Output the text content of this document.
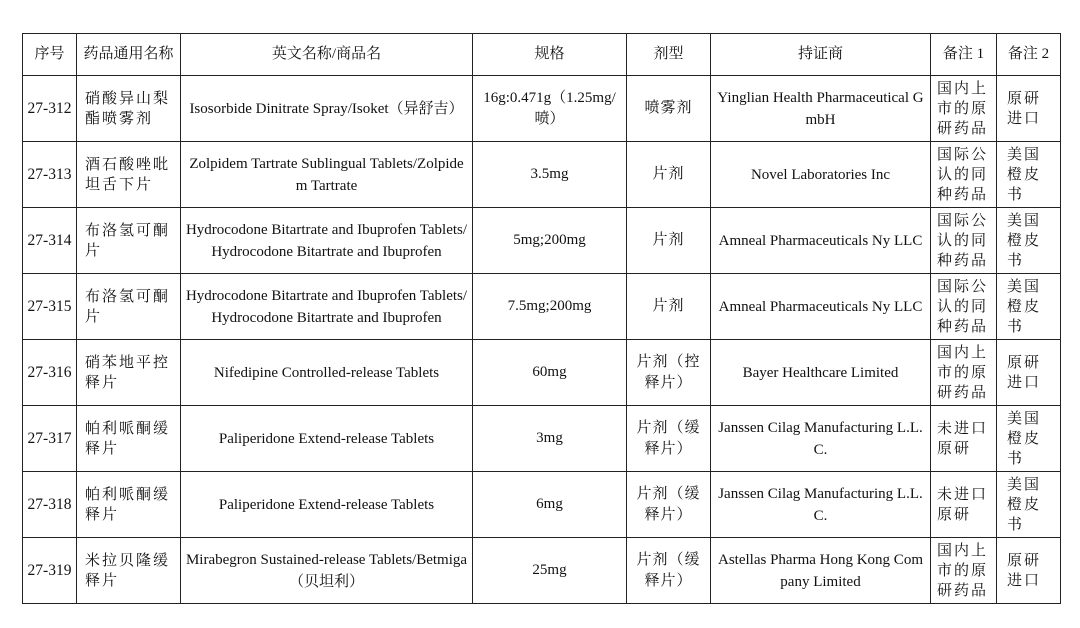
序号	药品通用名称	英文名称/商品名	规格	剂型	持证商	备注 1	备注 2
27-312	硝酸异山梨酯喷雾剂	Isosorbide Dinitrate Spray/Isoket（异舒吉）	16g:0.471g（1.25mg/喷）	喷雾剂	Yinglian Health Pharmaceutical GmbH	国内上市的原研药品	原研进口
27-313	酒石酸唑吡坦舌下片	Zolpidem Tartrate Sublingual Tablets/Zolpidem Tartrate	3.5mg	片剂	Novel Laboratories Inc	国际公认的同种药品	美国橙皮书
27-314	布洛氢可酮片	Hydrocodone Bitartrate and Ibuprofen Tablets/Hydrocodone Bitartrate and Ibuprofen	5mg;200mg	片剂	Amneal Pharmaceuticals Ny LLC	国际公认的同种药品	美国橙皮书
27-315	布洛氢可酮片	Hydrocodone Bitartrate and Ibuprofen Tablets/Hydrocodone Bitartrate and Ibuprofen	7.5mg;200mg	片剂	Amneal Pharmaceuticals Ny LLC	国际公认的同种药品	美国橙皮书
27-316	硝苯地平控释片	Nifedipine Controlled-release Tablets	60mg	片剂（控释片）	Bayer Healthcare Limited	国内上市的原研药品	原研进口
27-317	帕利哌酮缓释片	Paliperidone Extend-release Tablets	3mg	片剂（缓释片）	Janssen Cilag Manufacturing L.L.C.	未进口原研	美国橙皮书
27-318	帕利哌酮缓释片	Paliperidone Extend-release Tablets	6mg	片剂（缓释片）	Janssen Cilag Manufacturing L.L.C.	未进口原研	美国橙皮书
27-319	米拉贝隆缓释片	Mirabegron Sustained-release Tablets/Betmiga（贝坦利）	25mg	片剂（缓释片）	Astellas Pharma Hong Kong Company Limited	国内上市的原研药品	原研进口
